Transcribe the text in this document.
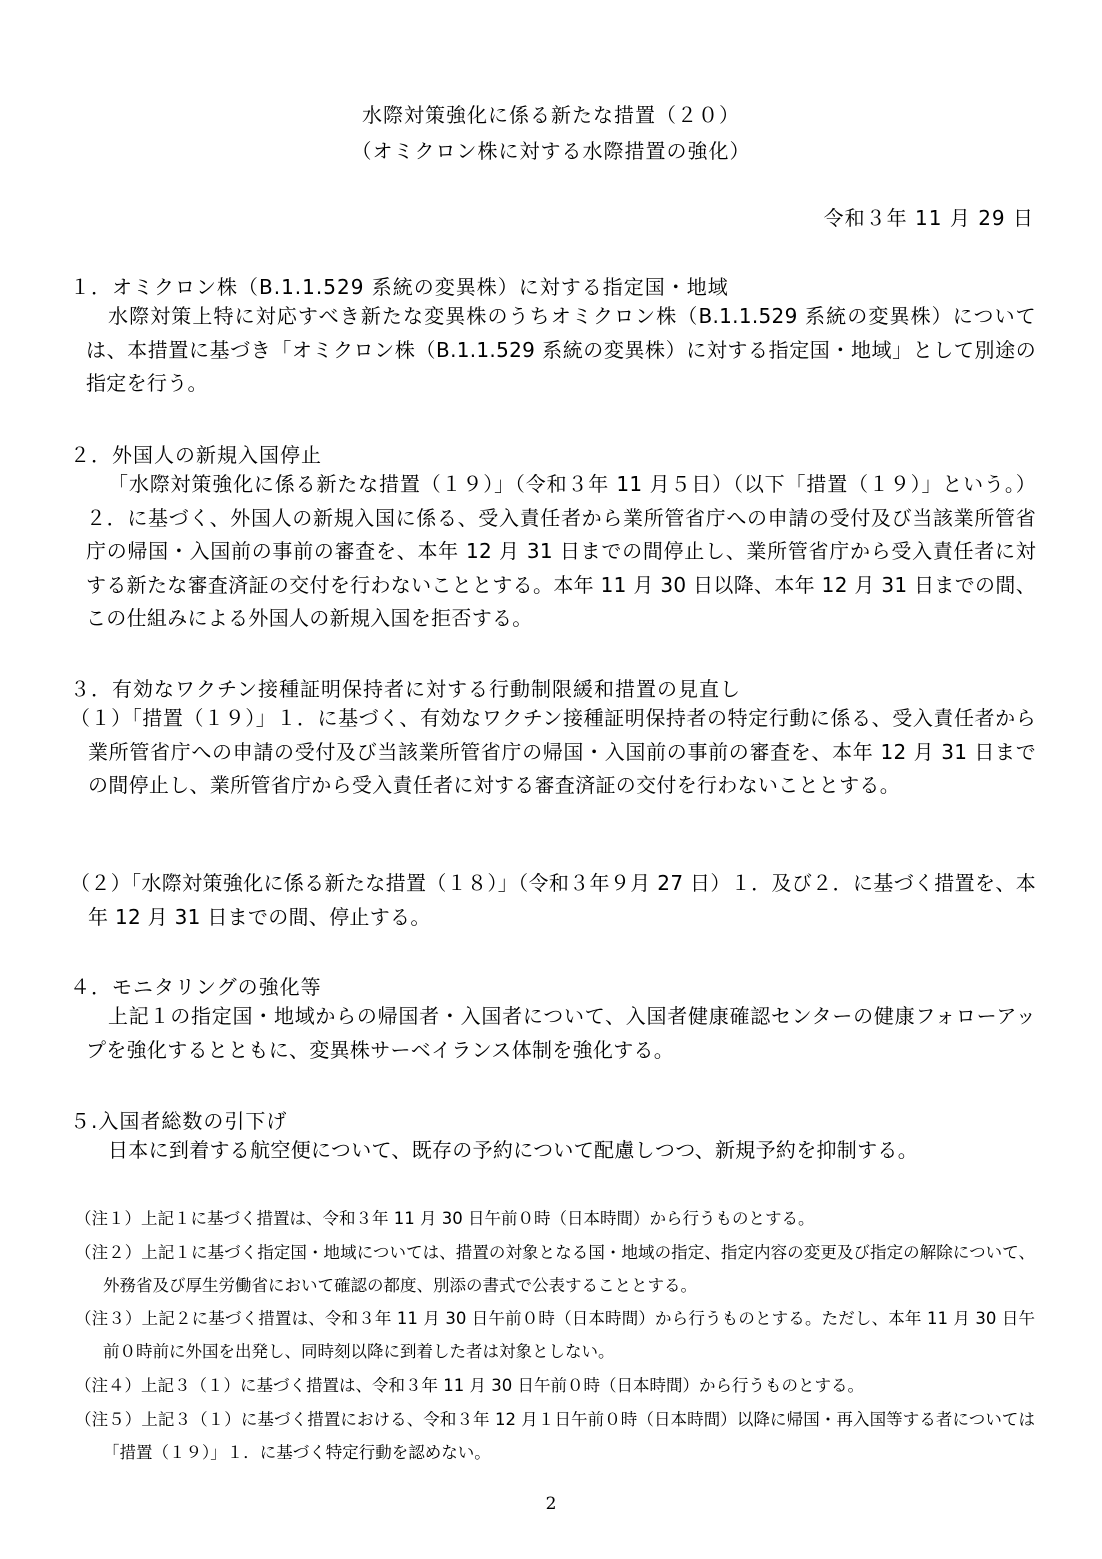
水際対策強化に係る新たな措置（２０）
（オミクロン株に対する水際措置の強化）
令和３年 11 月 29 日
１．オミクロン株（B.1.1.529 系統の変異株）に対する指定国・地域
水際対策上特に対応すべき新たな変異株のうちオミクロン株（B.1.1.529 系統の変異株）については、本措置に基づき「オミクロン株（B.1.1.529 系統の変異株）に対する指定国・地域」として別途の指定を行う。
２．外国人の新規入国停止
「水際対策強化に係る新たな措置（１９）」（令和３年 11 月５日）（以下「措置（１９）」という。）２．に基づく、外国人の新規入国に係る、受入責任者から業所管省庁への申請の受付及び当該業所管省庁の帰国・入国前の事前の審査を、本年 12 月 31 日までの間停止し、業所管省庁から受入責任者に対する新たな審査済証の交付を行わないこととする。本年 11 月 30 日以降、本年 12 月 31 日までの間、この仕組みによる外国人の新規入国を拒否する。
３．有効なワクチン接種証明保持者に対する行動制限緩和措置の見直し
（１）「措置（１９）」１．に基づく、有効なワクチン接種証明保持者の特定行動に係る、受入責任者から業所管省庁への申請の受付及び当該業所管省庁の帰国・入国前の事前の審査を、本年 12 月 31 日までの間停止し、業所管省庁から受入責任者に対する審査済証の交付を行わないこととする。
（２）「水際対策強化に係る新たな措置（１８）」（令和３年９月 27 日）１．及び２．に基づく措置を、本年 12 月 31 日までの間、停止する。
４．モニタリングの強化等
上記１の指定国・地域からの帰国者・入国者について、入国者健康確認センターの健康フォローアップを強化するとともに、変異株サーベイランス体制を強化する。
５.入国者総数の引下げ
日本に到着する航空便について、既存の予約について配慮しつつ、新規予約を抑制する。
（注１）上記１に基づく措置は、令和３年 11 月 30 日午前０時（日本時間）から行うものとする。
（注２）上記１に基づく指定国・地域については、措置の対象となる国・地域の指定、指定内容の変更及び指定の解除について、外務省及び厚生労働省において確認の都度、別添の書式で公表することとする。
（注３）上記２に基づく措置は、令和３年 11 月 30 日午前０時（日本時間）から行うものとする。ただし、本年 11 月 30 日午前０時前に外国を出発し、同時刻以降に到着した者は対象としない。
（注４）上記３（１）に基づく措置は、令和３年 11 月 30 日午前０時（日本時間）から行うものとする。
（注５）上記３（１）に基づく措置における、令和３年 12 月１日午前０時（日本時間）以降に帰国・再入国等する者については「措置（１９）」１．に基づく特定行動を認めない。
2
